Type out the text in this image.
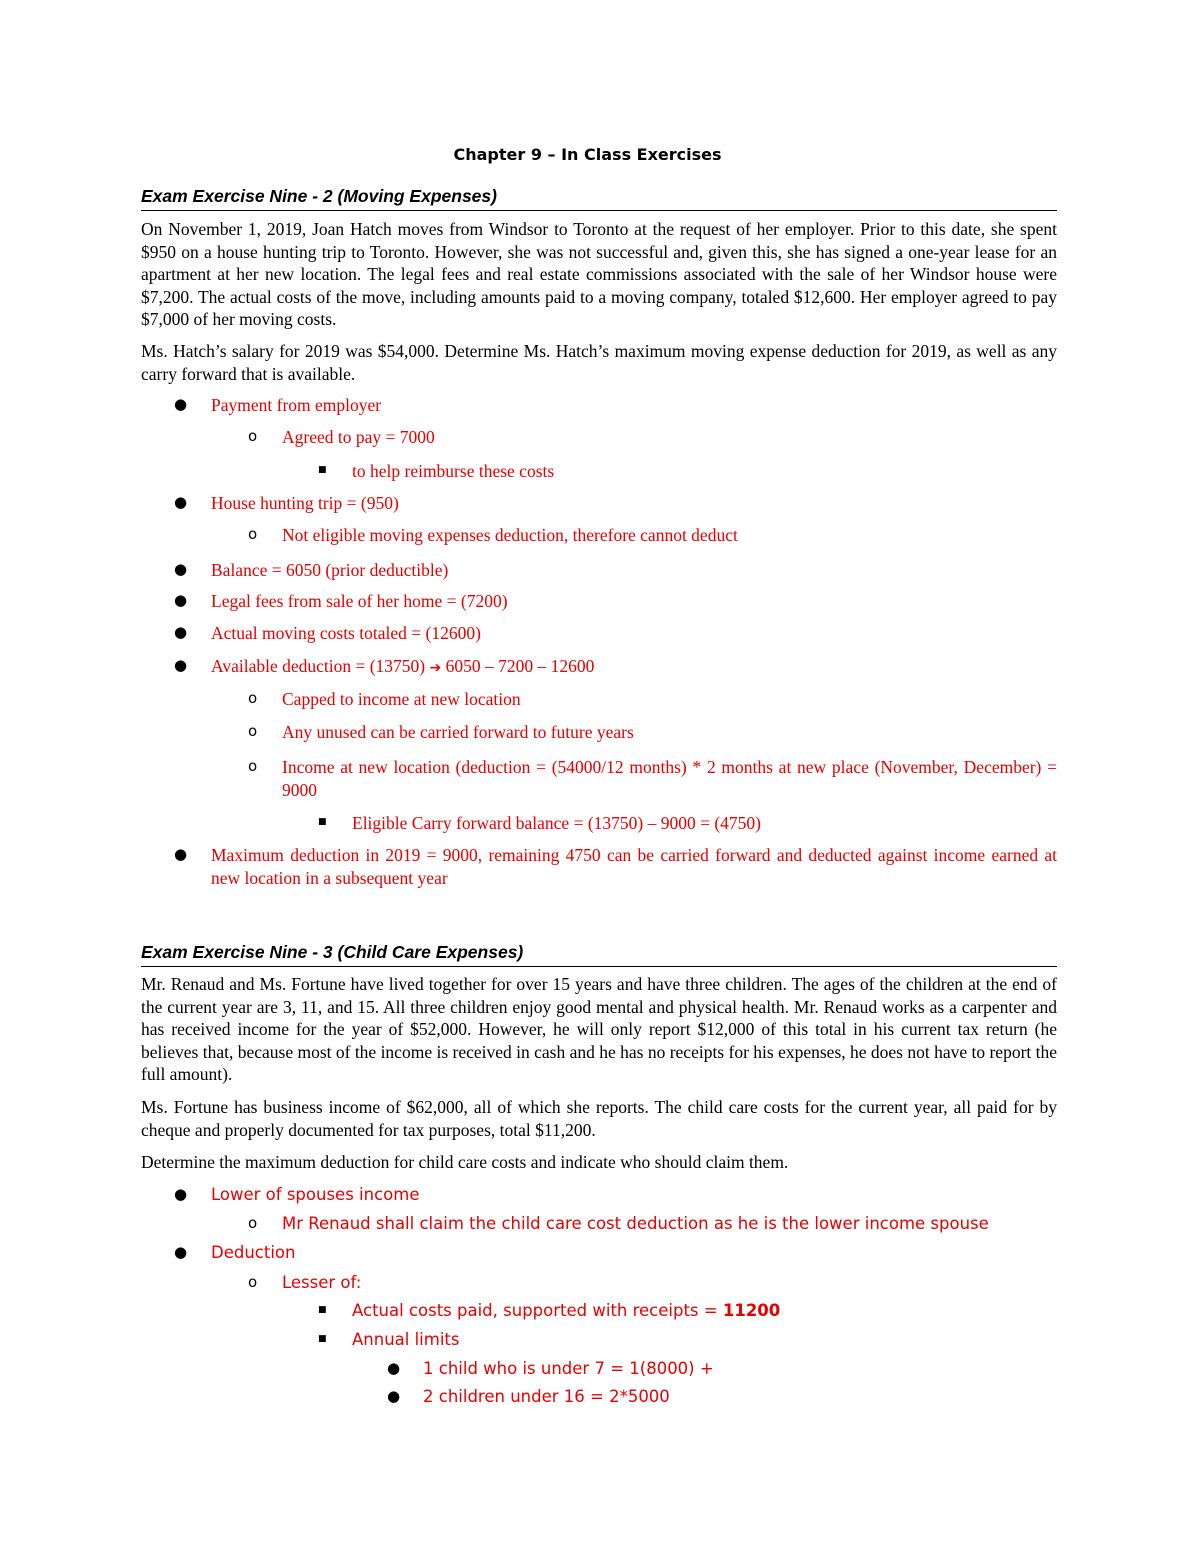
Chapter 9 – In Class Exercises
Exam Exercise Nine - 2 (Moving Expenses)

On November 1, 2019, Joan Hatch moves from Windsor to Toronto at the request of her employer. Prior to this date, she spent $950 on a house hunting trip to Toronto. However, she was not successful and, given this, she has signed a one-year lease for an apartment at her new location. The legal fees and real estate commissions associated with the sale of her Windsor house were $7,200. The actual costs of the move, including amounts paid to a moving company, totaled $12,600. Her employer agreed to pay $7,000 of her moving costs.

Ms. Hatch’s salary for 2019 was $54,000. Determine Ms. Hatch’s maximum moving expense deduction for 2019, as well as any carry forward that is available.

● Payment from employer

o Agreed to pay = 7000

■ to help reimburse these costs

● House hunting trip = (950)

o Not eligible moving expenses deduction, therefore cannot deduct

● Balance = 6050 (prior deductible)

● Legal fees from sale of her home = (7200)

● Actual moving costs totaled = (12600)

● Available deduction = (13750) ➔ 6050 – 7200 – 12600

o Capped to income at new location

o Any unused can be carried forward to future years

o Income at new location (deduction = (54000/12 months) * 2 months at new place (November, December) = 9000

■ Eligible Carry forward balance = (13750) – 9000 = (4750)

● Maximum deduction in 2019 = 9000, remaining 4750 can be carried forward and deducted against income earned at new location in a subsequent year

Exam Exercise Nine - 3 (Child Care Expenses)

Mr. Renaud and Ms. Fortune have lived together for over 15 years and have three children. The ages of the children at the end of the current year are 3, 11, and 15. All three children enjoy good mental and physical health. Mr. Renaud works as a carpenter and has received income for the year of $52,000. However, he will only report $12,000 of this total in his current tax return (he believes that, because most of the income is received in cash and he has no receipts for his expenses, he does not have to report the full amount).

Ms. Fortune has business income of $62,000, all of which she reports. The child care costs for the current year, all paid for by cheque and properly documented for tax purposes, total $11,200.

Determine the maximum deduction for child care costs and indicate who should claim them.

● Lower of spouses income

o Mr Renaud shall claim the child care cost deduction as he is the lower income spouse

● Deduction

o Lesser of:

■ Actual costs paid, supported with receipts = 11200

■ Annual limits

● 1 child who is under 7 = 1(8000) +

● 2 children under 16 = 2*5000
